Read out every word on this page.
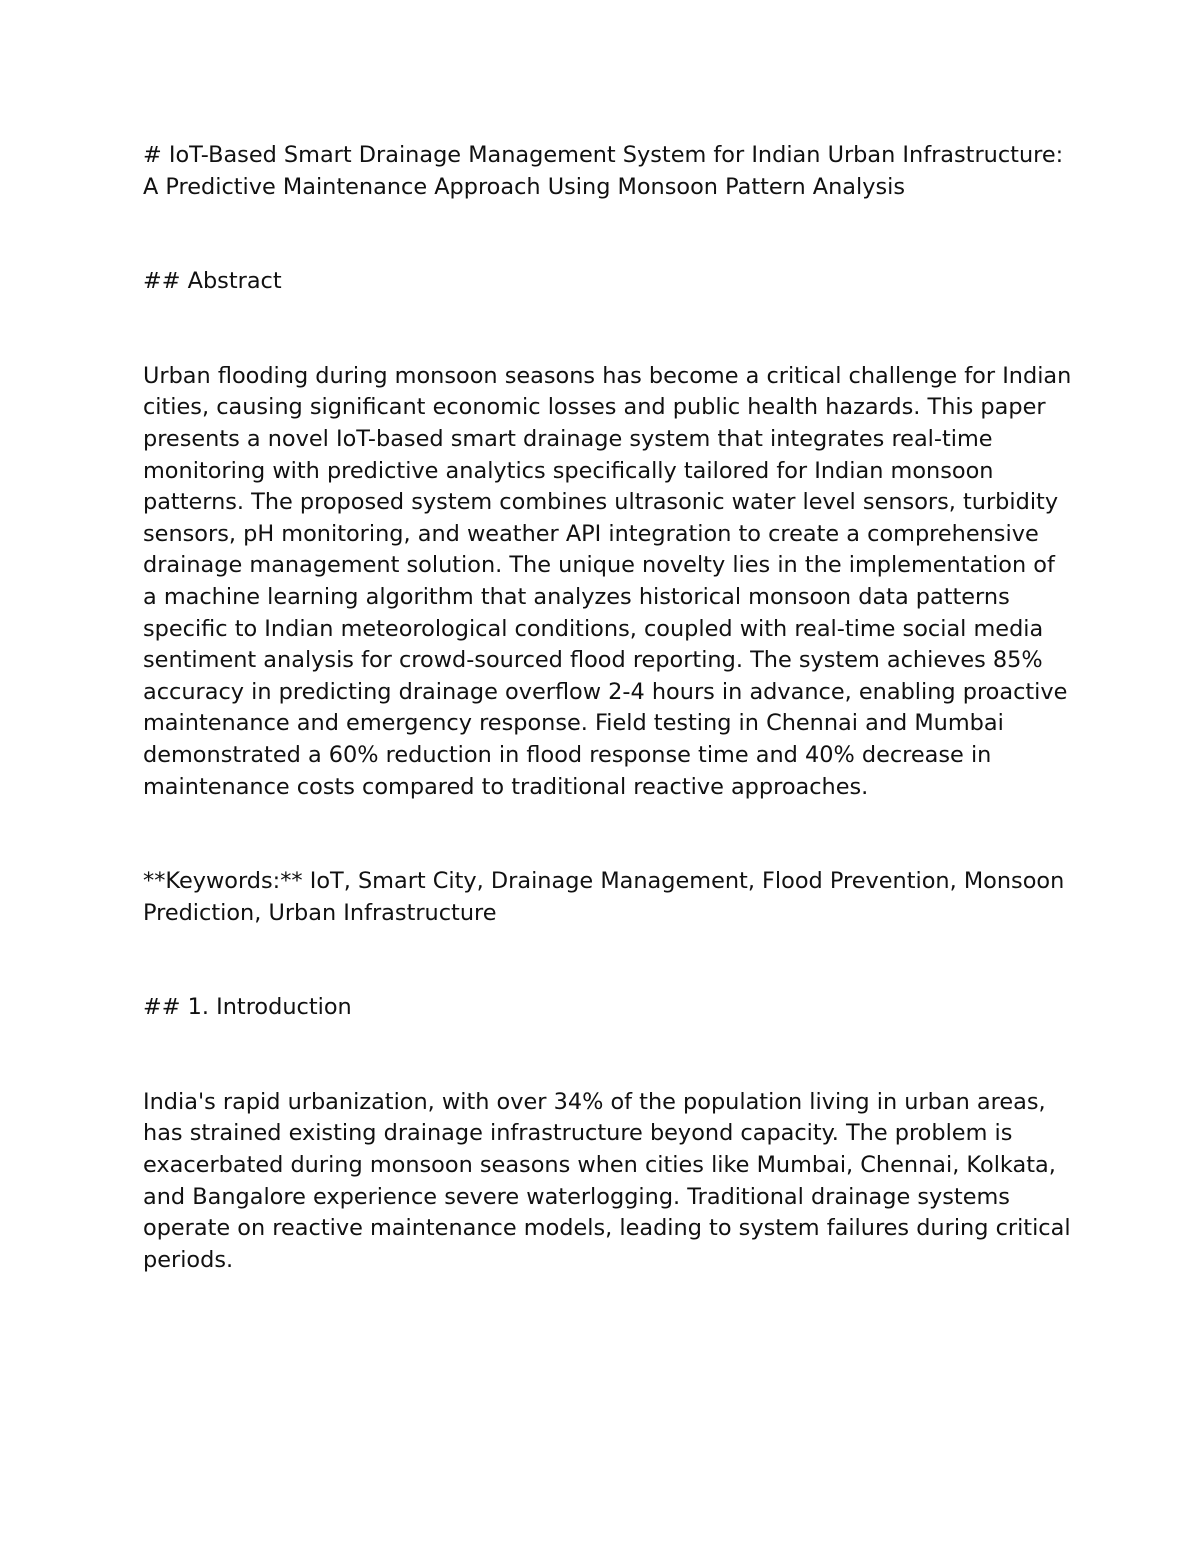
# IoT-Based Smart Drainage Management System for Indian Urban Infrastructure: A Predictive Maintenance Approach Using Monsoon Pattern Analysis

## Abstract

Urban flooding during monsoon seasons has become a critical challenge for Indian cities, causing significant economic losses and public health hazards. This paper presents a novel IoT-based smart drainage system that integrates real-time monitoring with predictive analytics specifically tailored for Indian monsoon patterns. The proposed system combines ultrasonic water level sensors, turbidity sensors, pH monitoring, and weather API integration to create a comprehensive drainage management solution. The unique novelty lies in the implementation of a machine learning algorithm that analyzes historical monsoon data patterns specific to Indian meteorological conditions, coupled with real-time social media sentiment analysis for crowd-sourced flood reporting. The system achieves 85% accuracy in predicting drainage overflow 2-4 hours in advance, enabling proactive maintenance and emergency response. Field testing in Chennai and Mumbai demonstrated a 60% reduction in flood response time and 40% decrease in maintenance costs compared to traditional reactive approaches.

**Keywords:** IoT, Smart City, Drainage Management, Flood Prevention, Monsoon Prediction, Urban Infrastructure

## 1. Introduction

India's rapid urbanization, with over 34% of the population living in urban areas, has strained existing drainage infrastructure beyond capacity. The problem is exacerbated during monsoon seasons when cities like Mumbai, Chennai, Kolkata, and Bangalore experience severe waterlogging. Traditional drainage systems operate on reactive maintenance models, leading to system failures during critical periods.
